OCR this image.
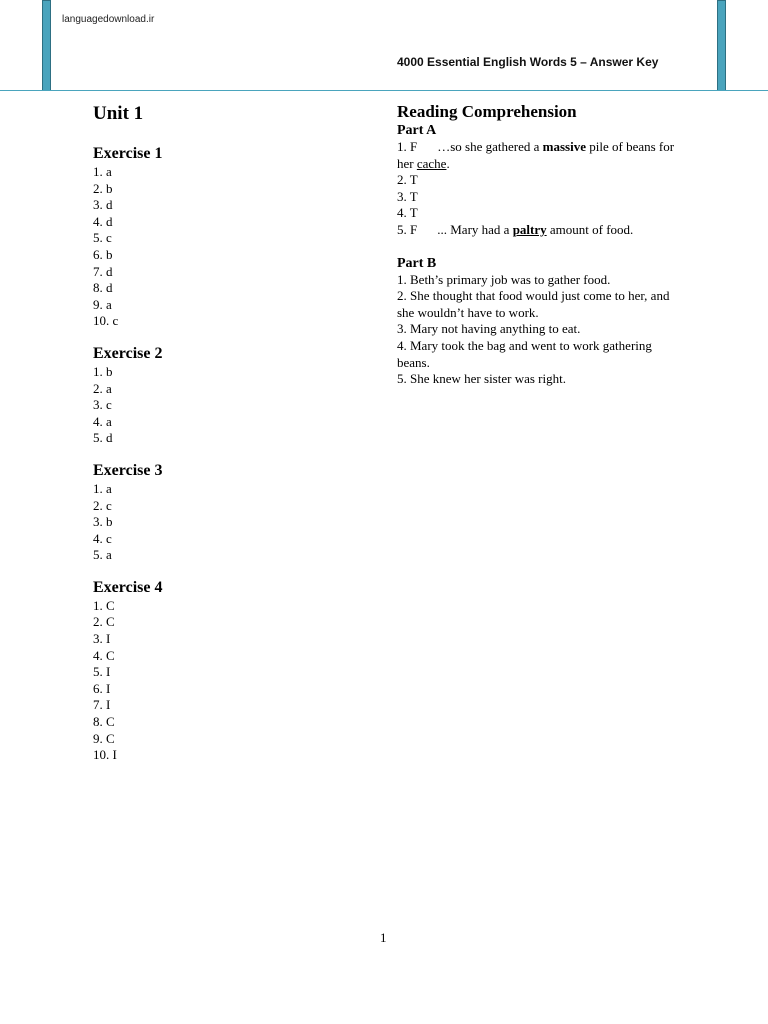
languagedownload.ir
4000 Essential English Words 5 – Answer Key
Unit 1
Exercise 1
1. a
2. b
3. d
4. d
5. c
6. b
7. d
8. d
9. a
10. c
Exercise 2
1. b
2. a
3. c
4. a
5. d
Exercise 3
1. a
2. c
3. b
4. c
5. a
Exercise 4
1. C
2. C
3. I
4. C
5. I
6. I
7. I
8. C
9. C
10. I
Reading Comprehension
Part A
1. F …so she gathered a massive pile of beans for her cache.
2. T
3. T
4. T
5. F ... Mary had a paltry amount of food.
Part B
1. Beth’s primary job was to gather food.
2. She thought that food would just come to her, and she wouldn’t have to work.
3. Mary not having anything to eat.
4. Mary took the bag and went to work gathering beans.
5. She knew her sister was right.
1
